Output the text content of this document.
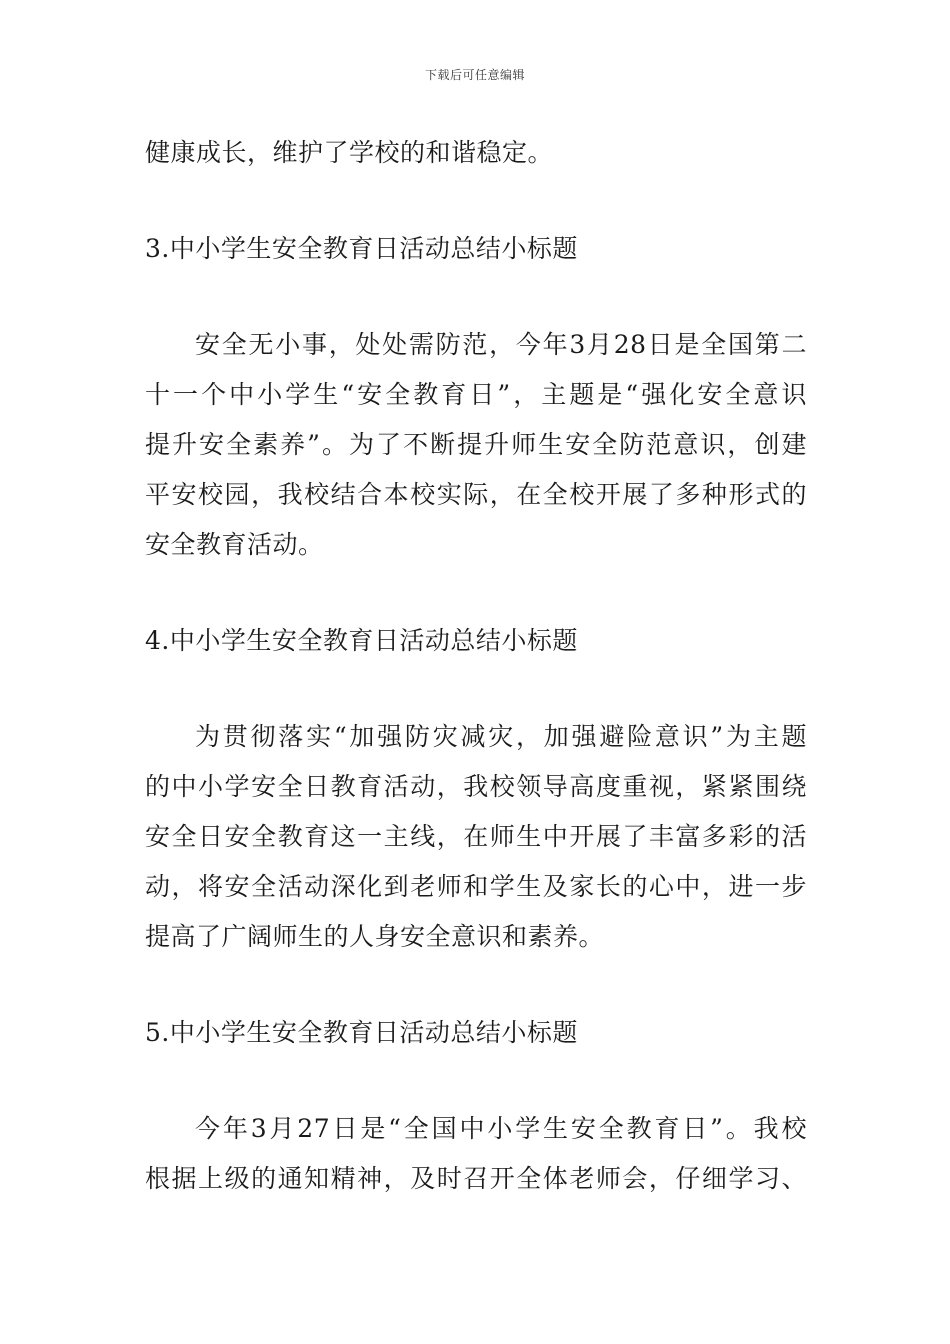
下载后可任意编辑
健康成长，维护了学校的和谐稳定。
3.中小学生安全教育日活动总结小标题
安全无小事，处处需防范，今年3月28日是全国第二
十一个中小学生“安全教育日”，主题是“强化安全意识
提升安全素养”。为了不断提升师生安全防范意识，创建
平安校园，我校结合本校实际，在全校开展了多种形式的
安全教育活动。
4.中小学生安全教育日活动总结小标题
为贯彻落实“加强防灾减灾，加强避险意识”为主题
的中小学安全日教育活动，我校领导高度重视，紧紧围绕
安全日安全教育这一主线，在师生中开展了丰富多彩的活
动，将安全活动深化到老师和学生及家长的心中，进一步
提高了广阔师生的人身安全意识和素养。
5.中小学生安全教育日活动总结小标题
今年3月27日是“全国中小学生安全教育日”。我校
根据上级的通知精神，及时召开全体老师会，仔细学习、
